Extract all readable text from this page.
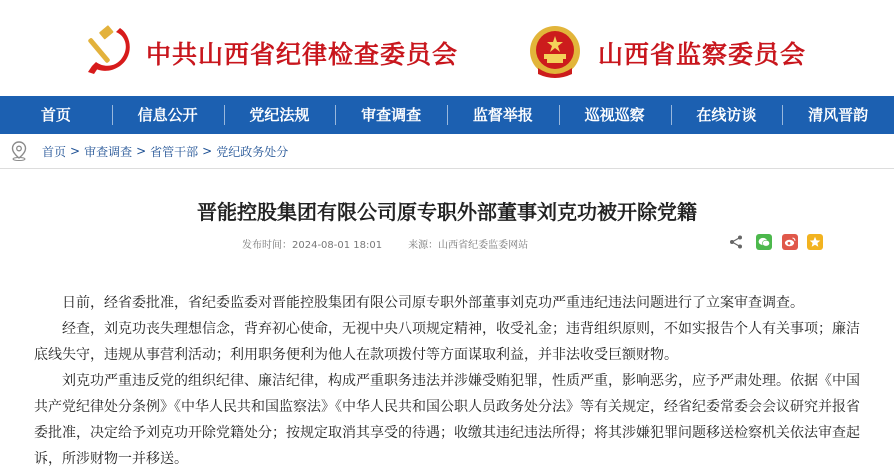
中共山西省纪律检查委员会	山西省监察委员会
首页	信息公开	党纪法规	审查调查	监督举报	巡视巡察	在线访谈	清风晋韵
首页 > 审查调查 > 省管干部 > 党纪政务处分
晋能控股集团有限公司原专职外部董事刘克功被开除党籍
发布时间：2024-08-01 18:01	来源：山西省纪委监委网站

日前，经省委批准，省纪委监委对晋能控股集团有限公司原专职外部董事刘克功严重违纪违法问题进行了立案审查调查。

经查，刘克功丧失理想信念，背弃初心使命，无视中央八项规定精神，收受礼金；违背组织原则，不如实报告个人有关事项；廉洁底线失守，违规从事营利活动；利用职务便利为他人在款项拨付等方面谋取利益，并非法收受巨额财物。

刘克功严重违反党的组织纪律、廉洁纪律，构成严重职务违法并涉嫌受贿犯罪，性质严重，影响恶劣，应予严肃处理。依据《中国共产党纪律处分条例》《中华人民共和国监察法》《中华人民共和国公职人员政务处分法》等有关规定，经省纪委常委会会议研究并报省委批准，决定给予刘克功开除党籍处分；按规定取消其享受的待遇；收缴其违纪违法所得；将其涉嫌犯罪问题移送检察机关依法审查起诉，所涉财物一并移送。
